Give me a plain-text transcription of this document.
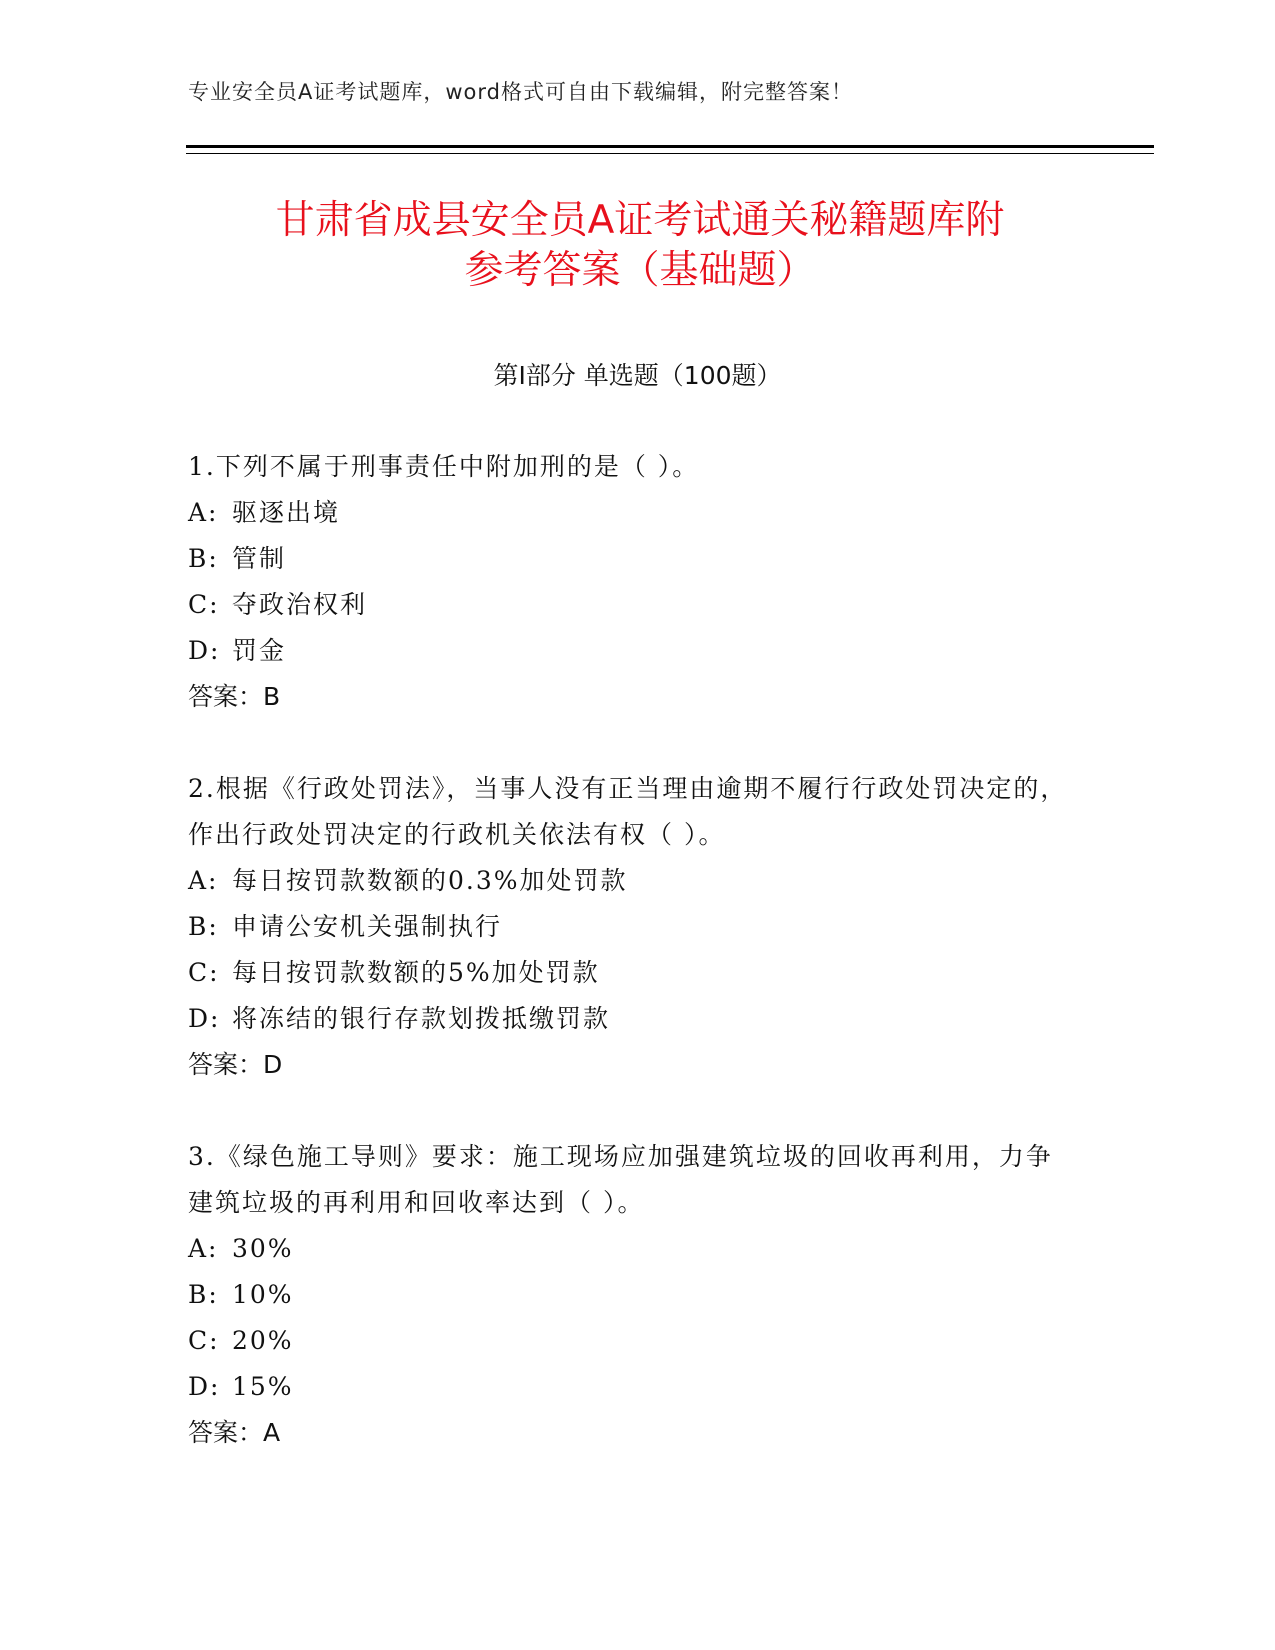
专业安全员A证考试题库，word格式可自由下载编辑，附完整答案！
甘肃省成县安全员A证考试通关秘籍题库附
参考答案（基础题）
第Ⅰ部分 单选题（100题）

1.下列不属于刑事责任中附加刑的是（ ）。

A: 驱逐出境

B: 管制

C: 夺政治权利

D: 罚金

答案：B

2.根据《行政处罚法》，当事人没有正当理由逾期不履行行政处罚决定的，作出行政处罚决定的行政机关依法有权（ ）。

A: 每日按罚款数额的0.3%加处罚款

B: 申请公安机关强制执行

C: 每日按罚款数额的5%加处罚款

D: 将冻结的银行存款划拨抵缴罚款

答案：D

3.《绿色施工导则》要求：施工现场应加强建筑垃圾的回收再利用，力争建筑垃圾的再利用和回收率达到（ ）。

A: 30%

B: 10%

C: 20%

D: 15%

答案：A
